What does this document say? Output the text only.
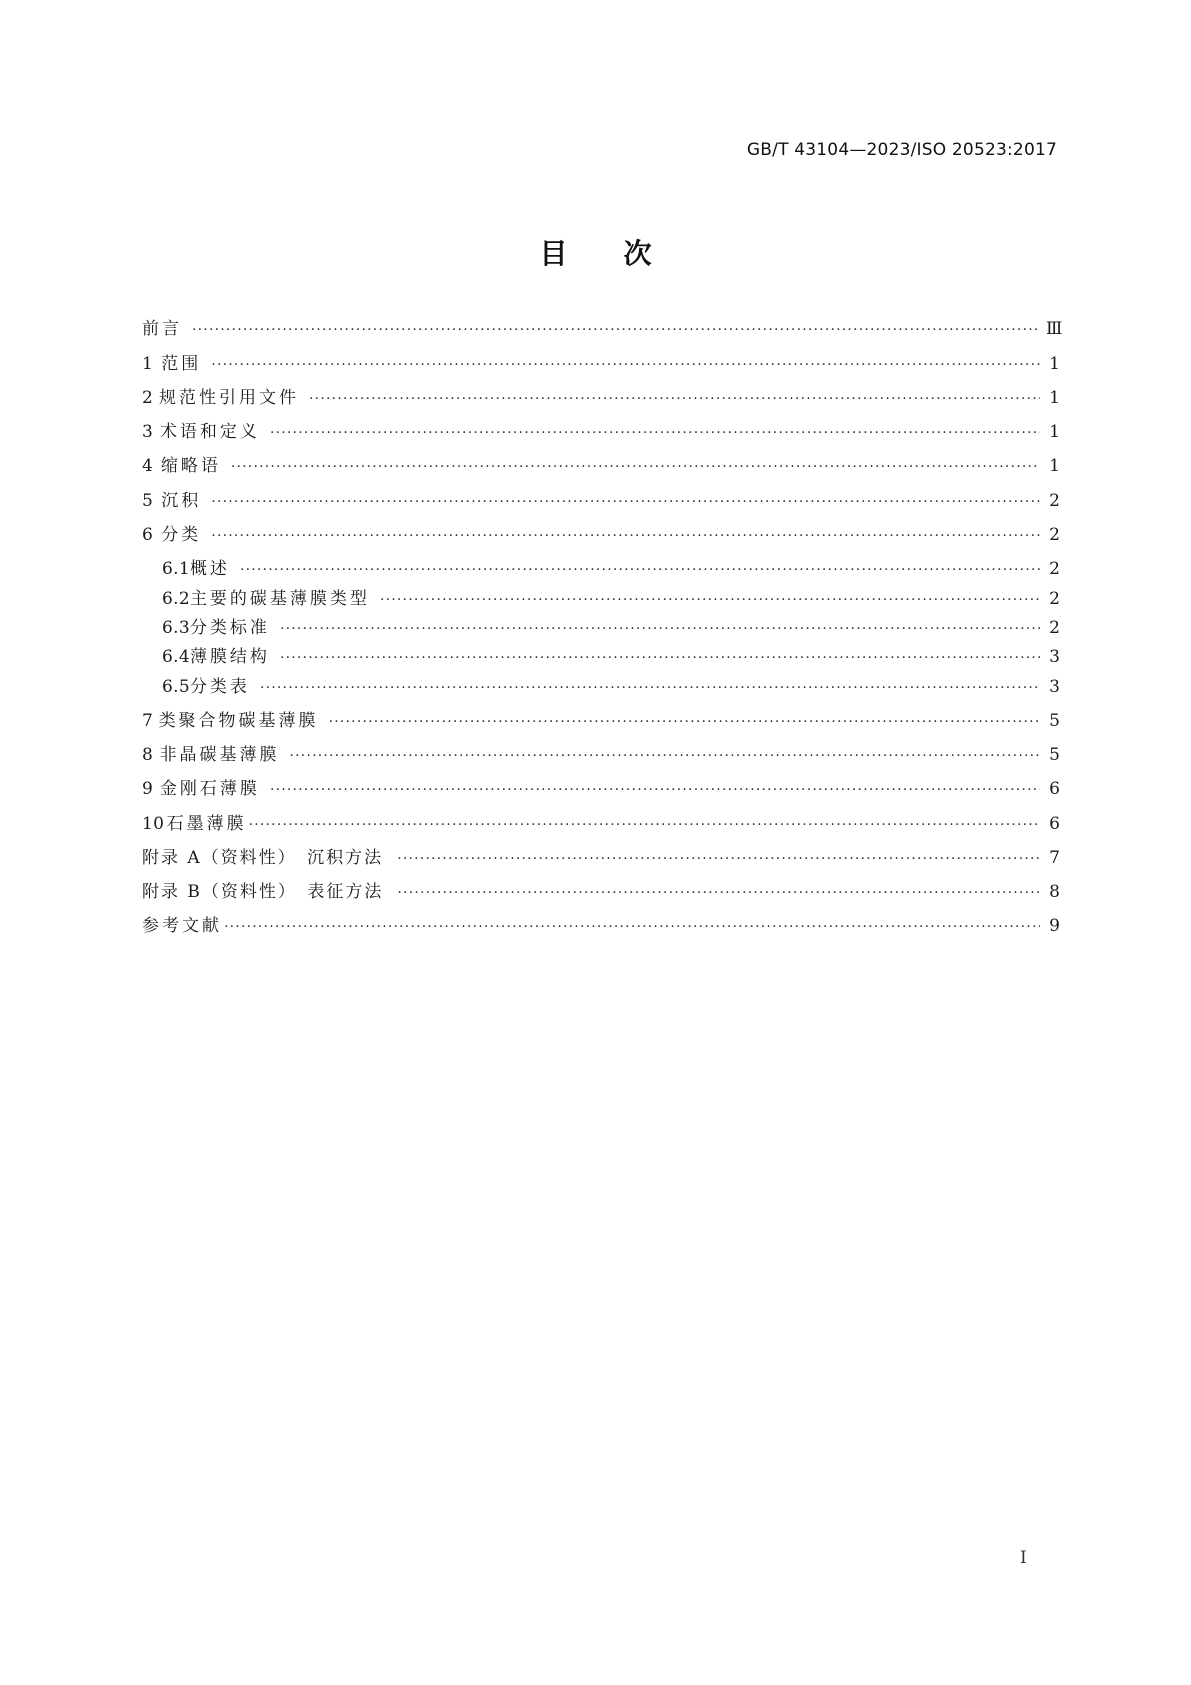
GB/T 43104—2023/ISO 20523:2017
目次
前言 ·····	Ⅲ
1 范围 ·····	1
2 规范性引用文件 ·····	1
3 术语和定义 ·····	1
4 缩略语 ·····	1
5 沉积 ·····	2
6 分类 ·····	2
6.1 概述 ·····	2
6.2 主要的碳基薄膜类型 ·····	2
6.3 分类标准 ·····	2
6.4 薄膜结构 ·····	3
6.5 分类表 ·····	3
7 类聚合物碳基薄膜 ·····	5
8 非晶碳基薄膜 ·····	5
9 金刚石薄膜 ·····	6
10 石墨薄膜 ·····	6
附录 A（资料性）　沉积方法 ·····	7
附录 B（资料性）　表征方法 ·····	8
参考文献 ·····	9
Ⅰ
